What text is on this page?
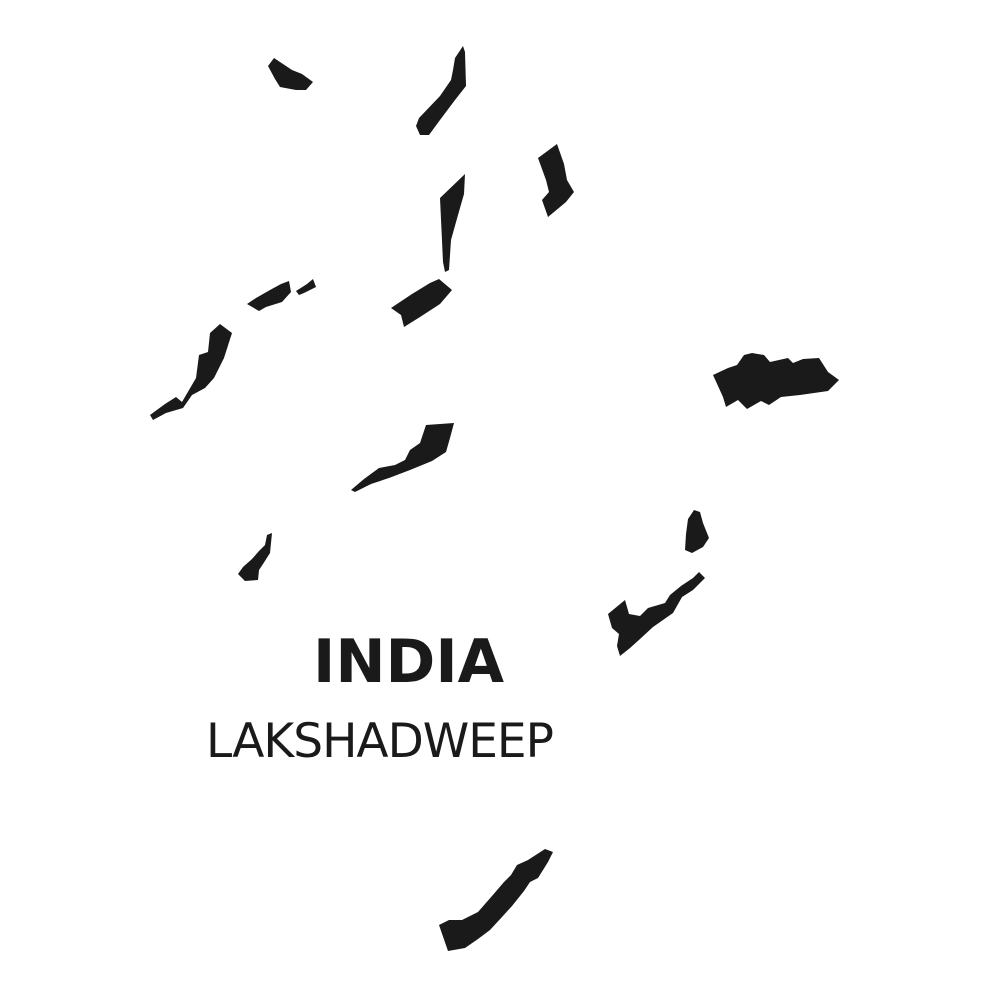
INDIA
LAKSHADWEEP
